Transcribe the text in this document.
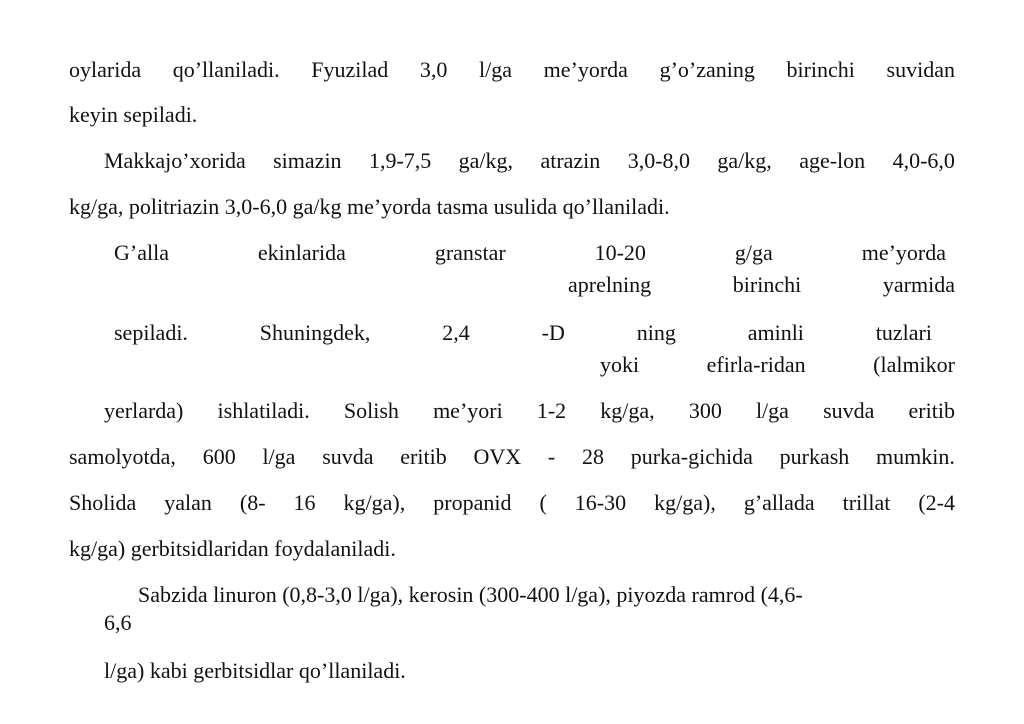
oylarida qo’llaniladi. Fyuzilad 3,0 l/ga me’yorda g’o’zaning birinchi suvidan
keyin sepiladi.
Makkajo’xorida simazin 1,9-7,5 ga/kg, atrazin 3,0-8,0 ga/kg, age-lon 4,0-6,0
kg/ga, politriazin 3,0-6,0 ga/kg me’yorda tasma usulida qo’llaniladi.
G’alla	ekinlarida	granstar	10-20	g/ga	me’yorda
aprelning	birinchi	yarmida
sepiladi.	Shuningdek,	2,4	-D	ning	aminli	tuzlari
yoki	efirla-ridan	(lalmikor
yerlarda) ishlatiladi. Solish me’yori 1-2 kg/ga, 300 l/ga suvda eritib
samolyotda, 600 l/ga suvda eritib OVX - 28 purka-gichida purkash mumkin.
Sholida yalan (8- 16 kg/ga), propanid ( 16-30 kg/ga), g’allada trillat (2-4
kg/ga) gerbitsidlaridan foydalaniladi.
Sabzida linuron (0,8-3,0 l/ga), kerosin (300-400 l/ga), piyozda ramrod (4,6-
6,6
l/ga) kabi gerbitsidlar qo’llaniladi.
